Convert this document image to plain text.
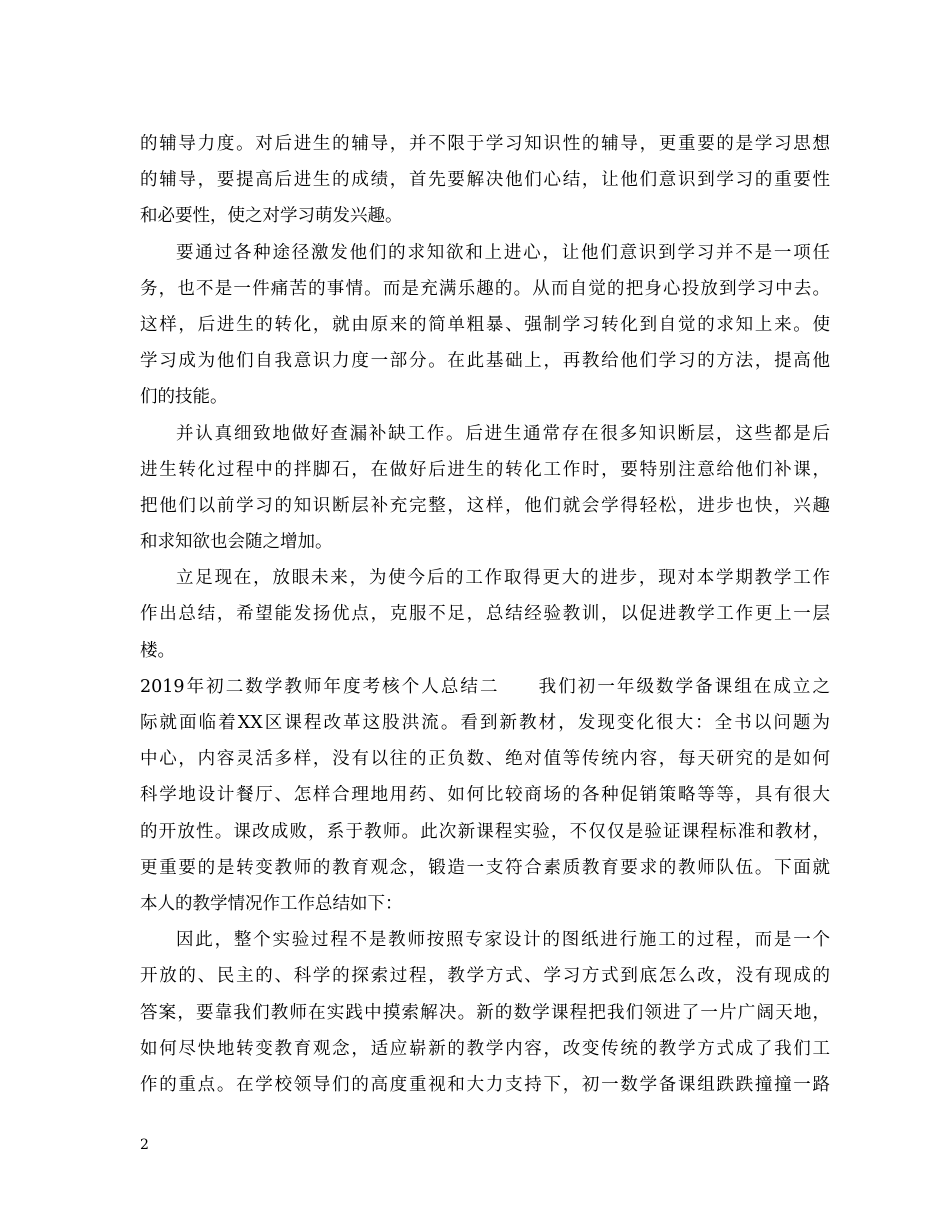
的辅导力度。对后进生的辅导，并不限于学习知识性的辅导，更重要的是学习思想
的辅导，要提高后进生的成绩，首先要解决他们心结，让他们意识到学习的重要性
和必要性，使之对学习萌发兴趣。
要通过各种途径激发他们的求知欲和上进心，让他们意识到学习并不是一项任
务，也不是一件痛苦的事情。而是充满乐趣的。从而自觉的把身心投放到学习中去。
这样，后进生的转化，就由原来的简单粗暴、强制学习转化到自觉的求知上来。使
学习成为他们自我意识力度一部分。在此基础上，再教给他们学习的方法，提高他
们的技能。
并认真细致地做好查漏补缺工作。后进生通常存在很多知识断层，这些都是后
进生转化过程中的拌脚石，在做好后进生的转化工作时，要特别注意给他们补课，
把他们以前学习的知识断层补充完整，这样，他们就会学得轻松，进步也快，兴趣
和求知欲也会随之增加。
立足现在，放眼未来，为使今后的工作取得更大的进步，现对本学期教学工作
作出总结，希望能发扬优点，克服不足，总结经验教训，以促进教学工作更上一层
楼。
2019年初二数学教师年度考核个人总结二　　我们初一年级数学备课组在成立之
际就面临着XX区课程改革这股洪流。看到新教材，发现变化很大：全书以问题为
中心，内容灵活多样，没有以往的正负数、绝对值等传统内容，每天研究的是如何
科学地设计餐厅、怎样合理地用药、如何比较商场的各种促销策略等等，具有很大
的开放性。课改成败，系于教师。此次新课程实验，不仅仅是验证课程标准和教材，
更重要的是转变教师的教育观念，锻造一支符合素质教育要求的教师队伍。下面就
本人的教学情况作工作总结如下：
因此，整个实验过程不是教师按照专家设计的图纸进行施工的过程，而是一个
开放的、民主的、科学的探索过程，教学方式、学习方式到底怎么改，没有现成的
答案，要靠我们教师在实践中摸索解决。新的数学课程把我们领进了一片广阔天地，
如何尽快地转变教育观念，适应崭新的教学内容，改变传统的教学方式成了我们工
作的重点。在学校领导们的高度重视和大力支持下，初一数学备课组跌跌撞撞一路
2
